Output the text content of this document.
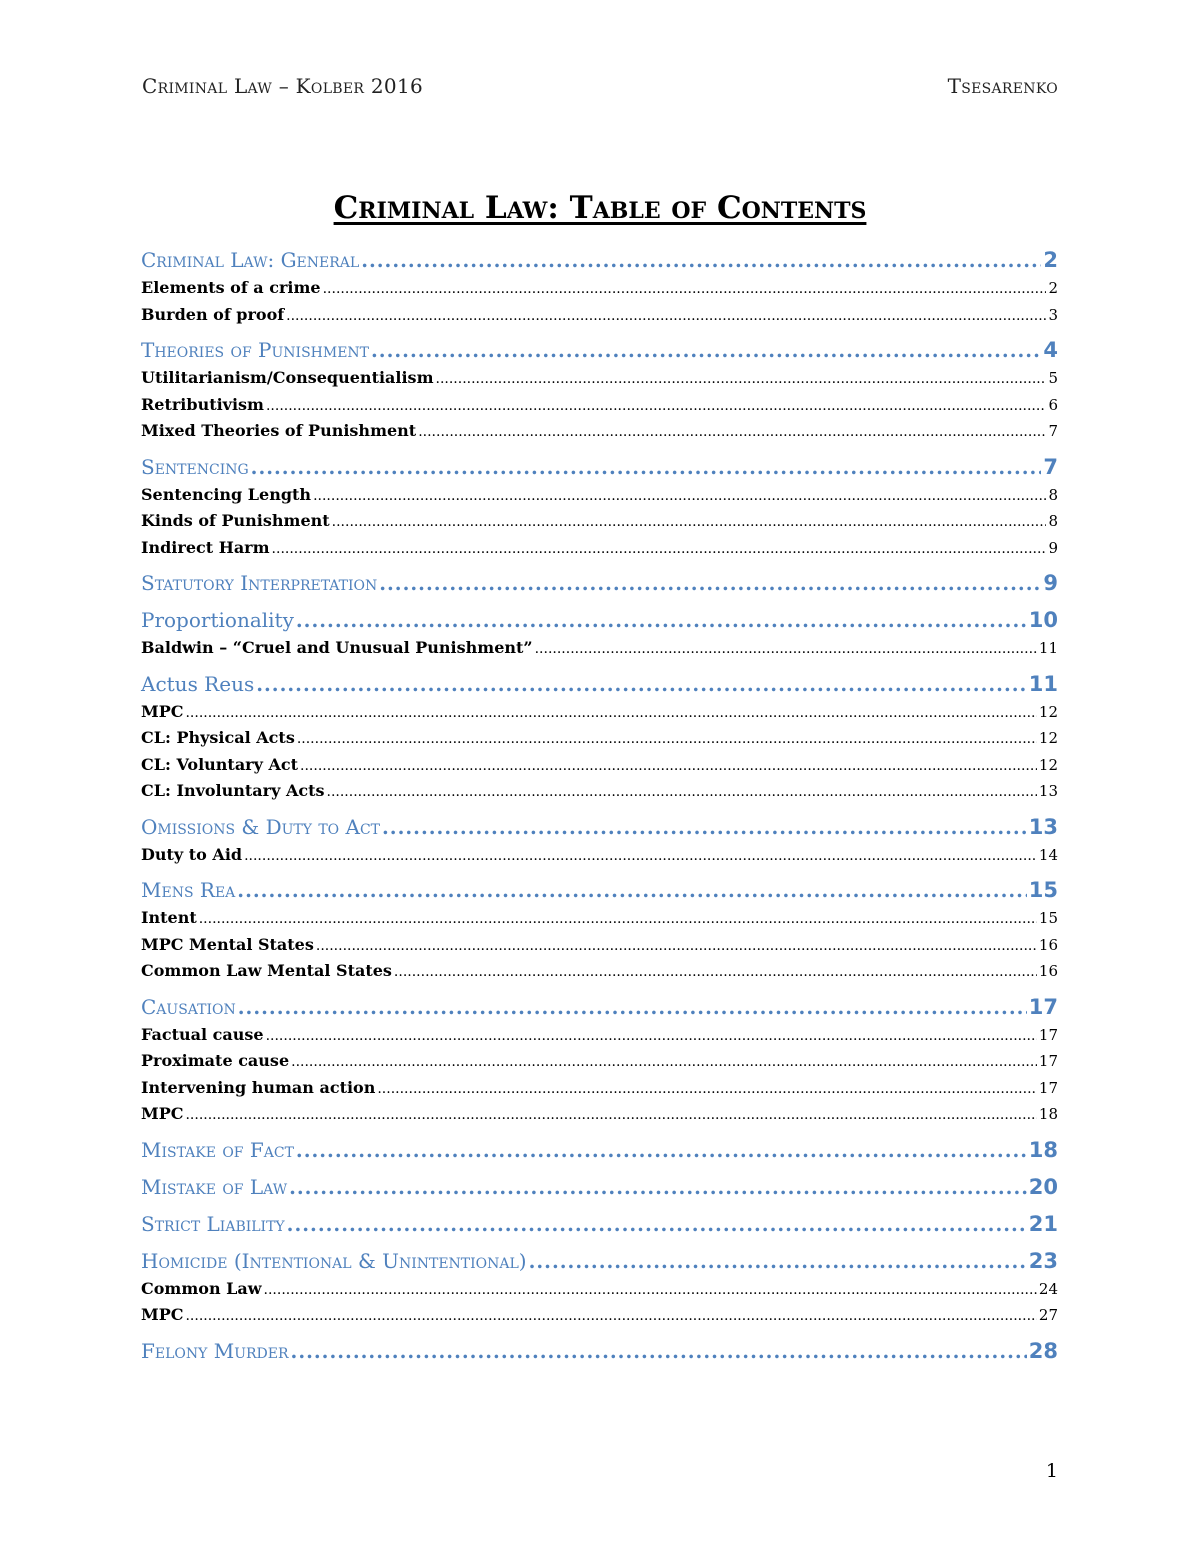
Criminal Law – Kolber 2016	Tsesarenko
Criminal Law: Table of Contents
Criminal Law: General .....	2
Elements of a crime .....	2
Burden of proof .....	3
Theories of Punishment .....	4
Utilitarianism/Consequentialism .....	5
Retributivism .....	6
Mixed Theories of Punishment .....	7
Sentencing .....	7
Sentencing Length .....	8
Kinds of Punishment .....	8
Indirect Harm .....	9
Statutory Interpretation .....	9
Proportionality .....	10
Baldwin – “Cruel and Unusual Punishment” .....	11
Actus Reus .....	11
MPC .....	12
CL: Physical Acts .....	12
CL: Voluntary Act .....	12
CL: Involuntary Acts .....	13
Omissions & Duty to Act .....	13
Duty to Aid .....	14
Mens Rea .....	15
Intent .....	15
MPC Mental States .....	16
Common Law Mental States .....	16
Causation .....	17
Factual cause .....	17
Proximate cause .....	17
Intervening human action .....	17
MPC .....	18
Mistake of Fact .....	18
Mistake of Law .....	20
Strict Liability .....	21
Homicide (Intentional & Unintentional) .....	23
Common Law .....	24
MPC .....	27
Felony Murder .....	28
1
